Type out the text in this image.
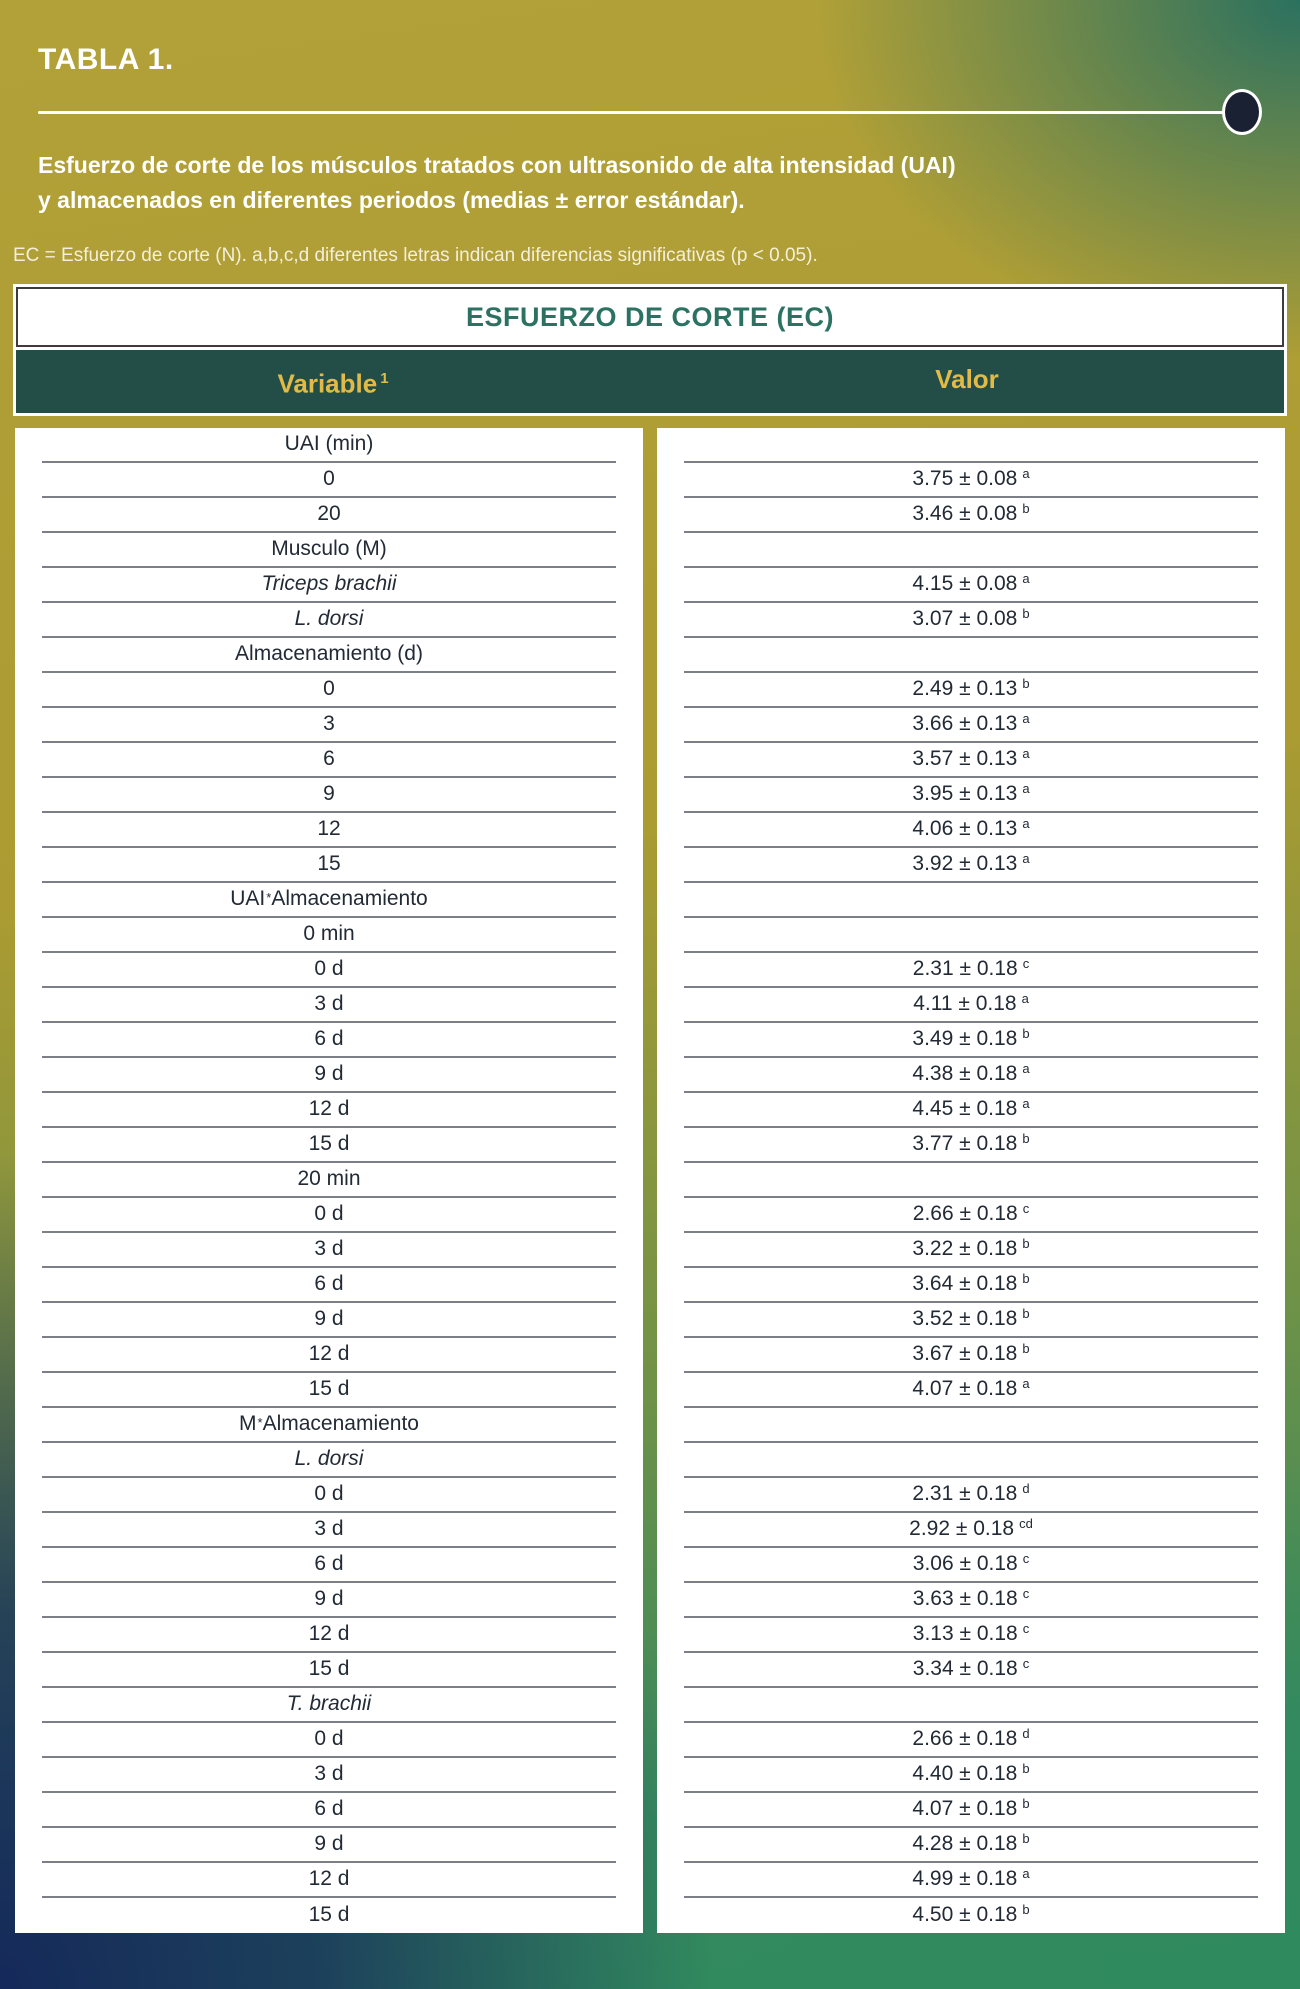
TABLA 1.
Esfuerzo de corte de los músculos tratados con ultrasonido de alta intensidad (UAI)
y almacenados en diferentes periodos (medias ± error estándar).
EC = Esfuerzo de corte (N). a,b,c,d diferentes letras indican diferencias significativas (p < 0.05).
ESFUERZO DE CORTE (EC)
Variable $^1$	Valor
UAI (min)
0
20
Musculo (M)
Triceps brachii
L. dorsi
Almacenamiento (d)
0
3
6
9
12
15
UAI* Almacenamiento
0 min
0 d
3 d
6 d
9 d
12 d
15 d
20 min
0 d
3 d
6 d
9 d
12 d
15 d
M * Almacenamiento
L. dorsi
0 d
3 d
6 d
9 d
12 d
15 d
T. brachii
0 d
3 d
6 d
9 d
12 d
15 d
3.75 ± 0.08 a
3.46 ± 0.08 b
4.15 ± 0.08 a
3.07 ± 0.08 b
2.49 ± 0.13 b
3.66 ± 0.13 a
3.57 ± 0.13 a
3.95 ± 0.13 a
4.06 ± 0.13 a
3.92 ± 0.13 a
2.31 ± 0.18 c
4.11 ± 0.18 a
3.49 ± 0.18 b
4.38 ± 0.18 a
4.45 ± 0.18 a
3.77 ± 0.18 b
2.66 ± 0.18 c
3.22 ± 0.18 b
3.64 ± 0.18 b
3.52 ± 0.18 b
3.67 ± 0.18 b
4.07 ± 0.18 a
2.31 ± 0.18 d
2.92 ± 0.18 cd
3.06 ± 0.18 c
3.63 ± 0.18 c
3.13 ± 0.18 c
3.34 ± 0.18 c
2.66 ± 0.18 d
4.40 ± 0.18 b
4.07 ± 0.18 b
4.28 ± 0.18 b
4.99 ± 0.18 a
4.50 ± 0.18 b
